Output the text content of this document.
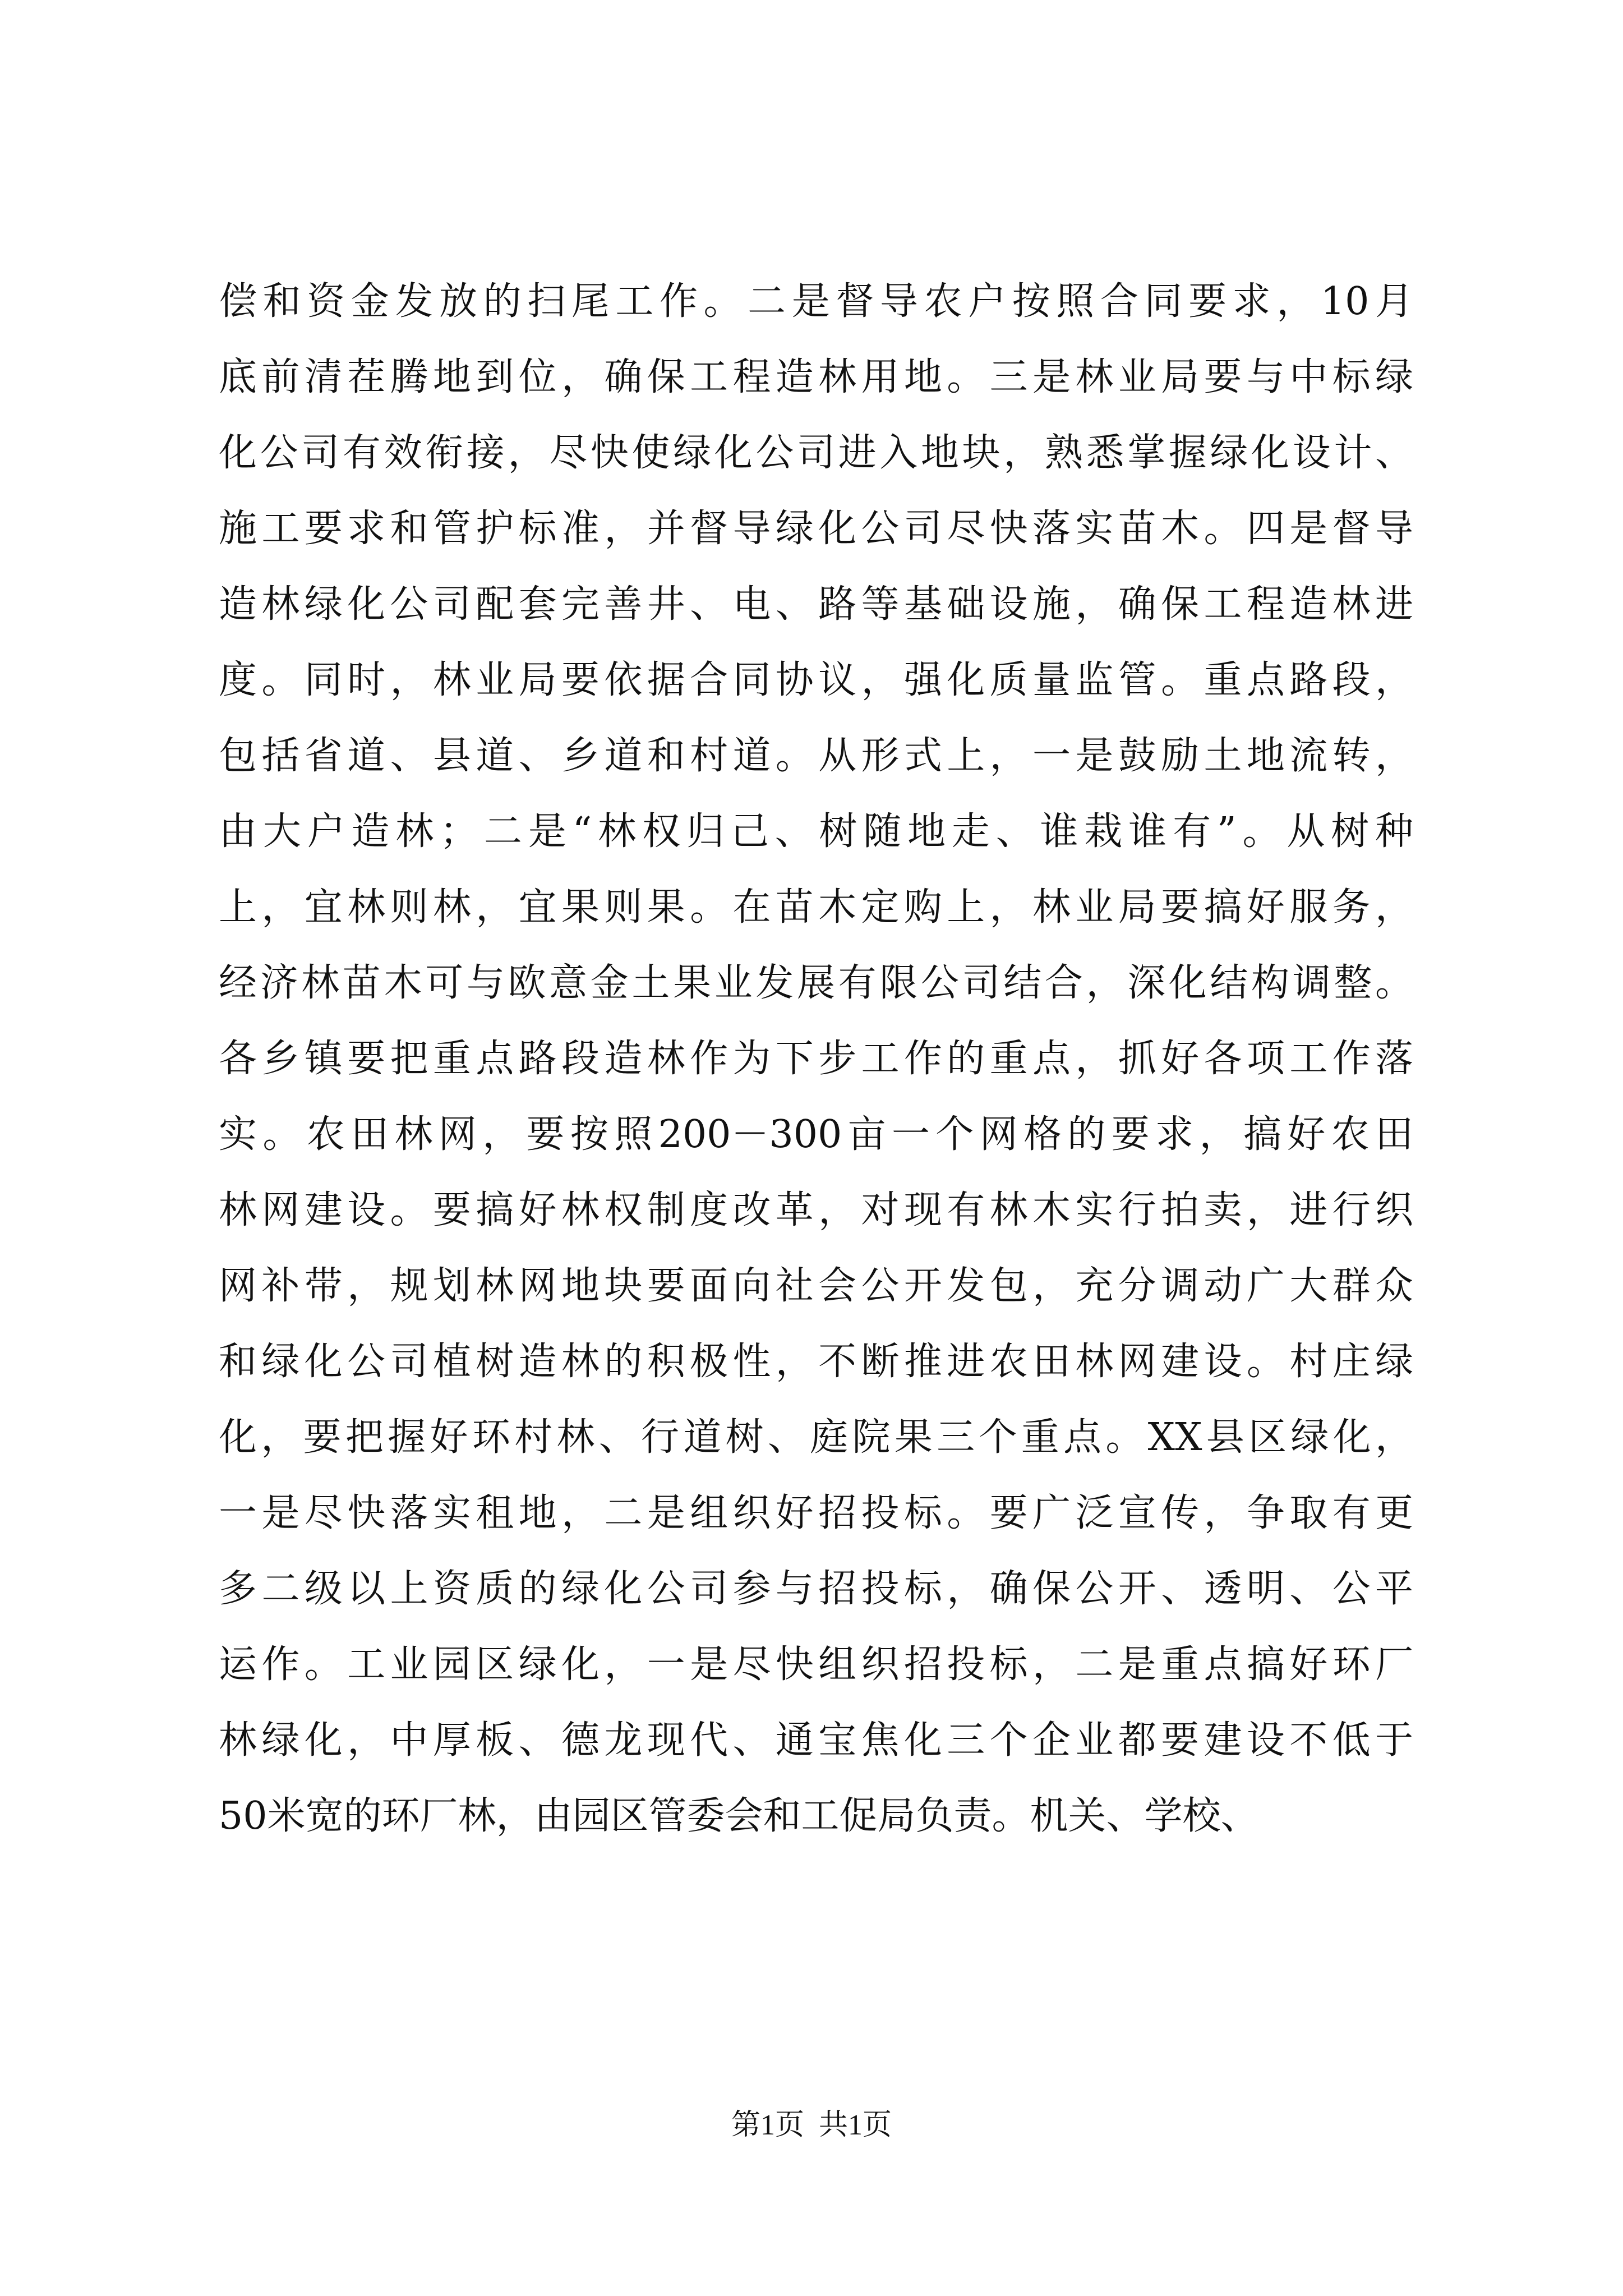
偿和资金发放的扫尾工作。二是督导农户按照合同要求，10月
底前清茬腾地到位，确保工程造林用地。三是林业局要与中标绿
化公司有效衔接，尽快使绿化公司进入地块，熟悉掌握绿化设计、
施工要求和管护标准，并督导绿化公司尽快落实苗木。四是督导
造林绿化公司配套完善井、电、路等基础设施，确保工程造林进
度。同时，林业局要依据合同协议，强化质量监管。重点路段，
包括省道、县道、乡道和村道。从形式上，一是鼓励土地流转，
由大户造林；二是“林权归己、树随地走、谁栽谁有”。从树种
上，宜林则林，宜果则果。在苗木定购上，林业局要搞好服务，
经济林苗木可与欧意金土果业发展有限公司结合，深化结构调整。
各乡镇要把重点路段造林作为下步工作的重点，抓好各项工作落
实。农田林网，要按照200－300亩一个网格的要求，搞好农田
林网建设。要搞好林权制度改革，对现有林木实行拍卖，进行织
网补带，规划林网地块要面向社会公开发包，充分调动广大群众
和绿化公司植树造林的积极性，不断推进农田林网建设。村庄绿
化，要把握好环村林、行道树、庭院果三个重点。XX县区绿化，
一是尽快落实租地，二是组织好招投标。要广泛宣传，争取有更
多二级以上资质的绿化公司参与招投标，确保公开、透明、公平
运作。工业园区绿化，一是尽快组织招投标，二是重点搞好环厂
林绿化，中厚板、德龙现代、通宝焦化三个企业都要建设不低于
50米宽的环厂林，由园区管委会和工促局负责。机关、学校、
第1页  共1页
